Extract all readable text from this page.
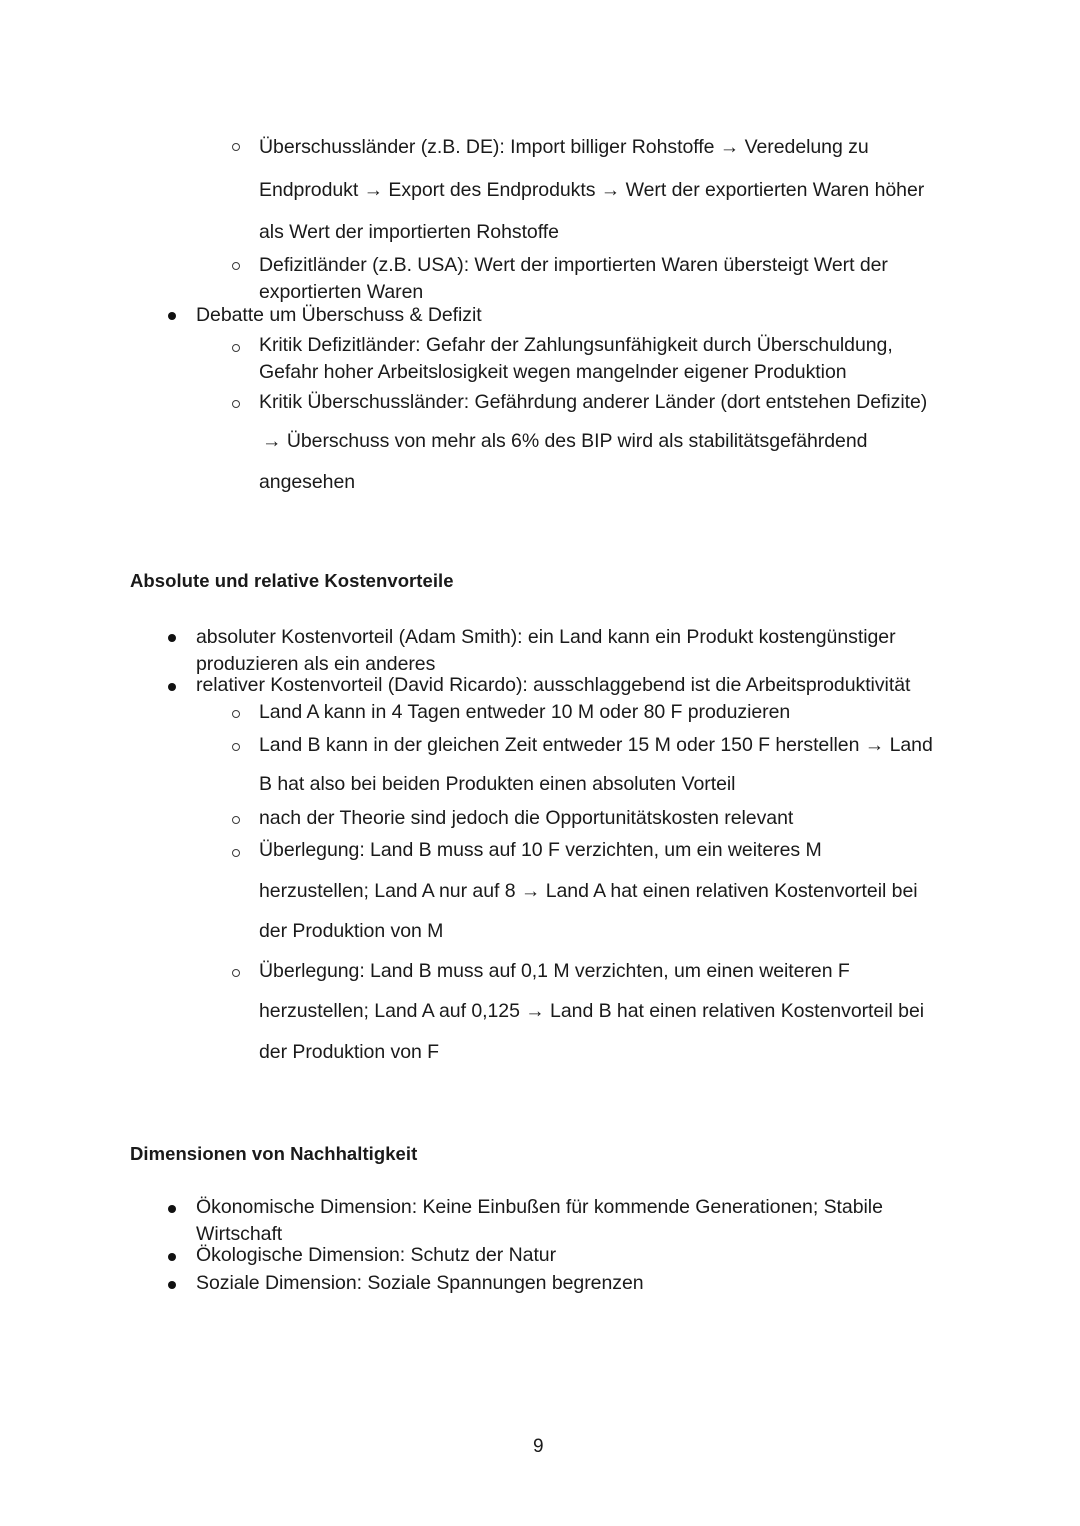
Überschussländer (z.B. DE): Import billiger Rohstoffe → Veredelung zu
Endprodukt → Export des Endprodukts → Wert der exportierten Waren höher
als Wert der importierten Rohstoffe
Defizitländer (z.B. USA): Wert der importierten Waren übersteigt Wert der
exportierten Waren
Debatte um Überschuss & Defizit
Kritik Defizitländer: Gefahr der Zahlungsunfähigkeit durch Überschuldung,
Gefahr hoher Arbeitslosigkeit wegen mangelnder eigener Produktion
Kritik Überschussländer: Gefährdung anderer Länder (dort entstehen Defizite)
→ Überschuss von mehr als 6% des BIP wird als stabilitätsgefährdend
angesehen
Absolute und relative Kostenvorteile
absoluter Kostenvorteil (Adam Smith): ein Land kann ein Produkt kostengünstiger
produzieren als ein anderes
relativer Kostenvorteil (David Ricardo): ausschlaggebend ist die Arbeitsproduktivität
Land A kann in 4 Tagen entweder 10 M oder 80 F produzieren
Land B kann in der gleichen Zeit entweder 15 M oder 150 F herstellen → Land
B hat also bei beiden Produkten einen absoluten Vorteil
nach der Theorie sind jedoch die Opportunitätskosten relevant
Überlegung: Land B muss auf 10 F verzichten, um ein weiteres M
herzustellen; Land A nur auf 8 → Land A hat einen relativen Kostenvorteil bei
der Produktion von M
Überlegung: Land B muss auf 0,1 M verzichten, um einen weiteren F
herzustellen; Land A auf 0,125 → Land B hat einen relativen Kostenvorteil bei
der Produktion von F
Dimensionen von Nachhaltigkeit
Ökonomische Dimension: Keine Einbußen für kommende Generationen; Stabile
Wirtschaft
Ökologische Dimension: Schutz der Natur
Soziale Dimension: Soziale Spannungen begrenzen
9
